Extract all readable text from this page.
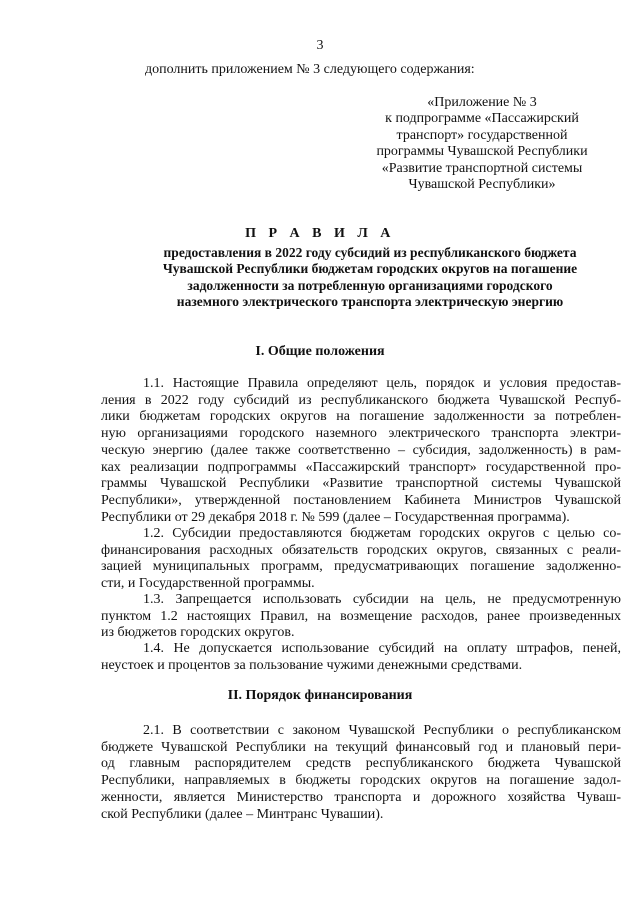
3
дополнить приложением № 3 следующего содержания:
«Приложение № 3
к подпрограмме «Пассажирский
транспорт» государственной
программы Чувашской Республики
«Развитие транспортной системы
Чувашской Республики»
П Р А В И Л А
предоставления в 2022 году субсидий из республиканского бюджета
Чувашской Республики бюджетам городских округов на погашение
задолженности за потребленную организациями городского
наземного электрического транспорта электрическую энергию
I. Общие положения
1.1. Настоящие Правила определяют цель, порядок и условия предостав-
ления в 2022 году субсидий из республиканского бюджета Чувашской Респуб-
лики бюджетам городских округов на погашение задолженности за потреблен-
ную организациями городского наземного электрического транспорта электри-
ческую энергию (далее также соответственно – субсидия, задолженность) в рам-
ках реализации подпрограммы «Пассажирский транспорт» государственной про-
граммы Чувашской Республики «Развитие транспортной системы Чувашской
Республики», утвержденной постановлением Кабинета Министров Чувашской
Республики от 29 декабря 2018 г. № 599 (далее – Государственная программа).
1.2. Субсидии предоставляются бюджетам городских округов с целью со-
финансирования расходных обязательств городских округов, связанных с реали-
зацией муниципальных программ, предусматривающих погашение задолженно-
сти, и Государственной программы.
1.3. Запрещается использовать субсидии на цель, не предусмотренную
пунктом 1.2 настоящих Правил, на возмещение расходов, ранее произведенных
из бюджетов городских округов.
1.4. Не допускается использование субсидий на оплату штрафов, пеней,
неустоек и процентов за пользование чужими денежными средствами.
II. Порядок финансирования
2.1. В соответствии с законом Чувашской Республики о республиканском
бюджете Чувашской Республики на текущий финансовый год и плановый пери-
од главным распорядителем средств республиканского бюджета Чувашской
Республики, направляемых в бюджеты городских округов на погашение задол-
женности, является Министерство транспорта и дорожного хозяйства Чуваш-
ской Республики (далее – Минтранс Чувашии).
